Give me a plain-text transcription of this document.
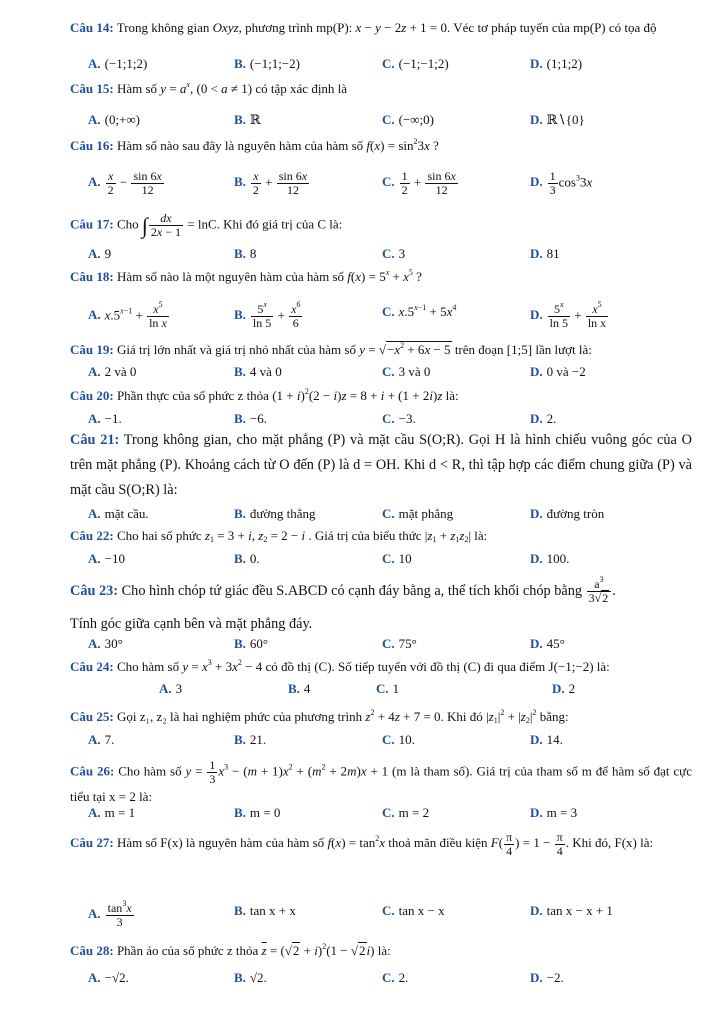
Câu 14: Trong không gian Oxyz, phương trình mp(P): x − y − 2z + 1 = 0. Véc tơ pháp tuyến của mp(P) có tọa độ
A. (−1;1;2)	B. (−1;1;−2)	C. (−1;−1;2)	D. (1;1;2)
Câu 15: Hàm số $y = a^x$, (0 < a ≠ 1) có tập xác định là
A. (0;+∞)	B. ℝ	C. (−∞;0)	D. ℝ∖{0}
Câu 16: Hàm số nào sau đây là nguyên hàm của hàm số $f(x) = \sin^23x$ ?
A. $\frac{x}{2} - \frac{\sin 6x}{12}$	B. $\frac{x}{2} + \frac{\sin 6x}{12}$	C. $\frac{1}{2} + \frac{\sin 6x}{12}$	D. $\frac{1}{3} \cos^33x$
Câu 17: Cho ∫ $\frac{dx}{2x - 1} = \ln C$. Khi đó giá trị của C là:
A. 9	B. 8	C. 3	D. 81
Câu 18: Hàm số nào là một nguyên hàm của hàm số $f(x) = 5^x + x^5$ ?
A. $x.5^{x-1} + \frac{x^5}{\text{ln x}}$	B. $\frac{5^x}{\ln 5} + \frac{x^6}{6}$	C. $x.5^{x-1} + 5x^4$	D. $\frac{5^x}{\ln 5} + \frac{x^5}{\text{ln x}}$
Câu 19: Giá trị lớn nhất và giá trị nhỏ nhất của hàm số $y = √-x^2 + 6x - 5$ trên đoạn [1;5] lần lượt là:
A. 2 và 0	B. 4 và 0	C. 3 và 0	D. 0 và −2
Câu 20: Phần thực của số phức z thỏa $(1 + i)^2(2 - i)z = 8 + i + (1 + 2i)z$ là:
A. −1.	B. −6.	C. −3.	D. 2.
Câu 21: Trong không gian, cho mặt phẳng (P) và mặt cầu S(O;R). Gọi H là hình chiếu vuông góc của O trên mặt phẳng (P). Khoảng cách từ O đến (P) là d = OH. Khi d < R, thì tập hợp các điểm chung giữa (P) và mặt cầu S(O;R) là:
A. mặt cầu.	B. đường thẳng	C. mặt phẳng	D. đường tròn
Câu 22: Cho hai số phức $z_1 = 3 + i$, $z_2 = 2 - i$ . Giá trị của biểu thức $|z_1 + z_1z_2|$ là:
A. −10	B. 0.	C. 10	D. 100.
Câu 23: Cho hình chóp tứ giác đều S.ABCD có cạnh đáy bằng a, thể tích khối chóp bằng $\frac{a^3}{3√2}$ .
Tính góc giữa cạnh bên và mặt phẳng đáy.
A. 30°	B. 60°	C. 75°	D. 45°
Câu 24: Cho hàm số $y = x^3 + 3x^2 - 4$ có đồ thị (C). Số tiếp tuyến với đồ thị (C) đi qua điểm J(−1;−2) là:
A. 3	B. 4	C. 1	D. 2
Câu 25: Gọi z₁, z₂ là hai nghiệm phức của phương trình $z^2 + 4z + 7 = 0$. Khi đó $|z_1|^2 + |z_2|^2$ bằng:
A. 7.	B. 21.	C. 10.	D. 14.
Câu 26: Cho hàm số $y = \frac{1}{3} x^3 - (m + 1)x^2 + (m^2 + 2m)x + 1$ (m là tham số). Giá trị của tham số m để hàm số đạt cực tiểu tại x = 2 là:
A. m = 1	B. m = 0	C. m = 2	D. m = 3
Câu 27: Hàm số F(x) là nguyên hàm của hàm số $f(x) = \tan^2x$ thoả mãn điều kiện $F( \frac{\pi}{4}$ ) = $1 - \frac{\pi}{4}$ . Khi đó, F(x) là:
A. $\frac{\tan^3x}{3}$	B. tan x + x	C. tan x − x	D. tan x − x + 1
Câu 28: Phần ảo của số phức z thỏa $\overline{z} = (√2 + i)^2(1 - √2i)$ là:
A. −√2.	B. √2.	C. 2.	D. −2.
